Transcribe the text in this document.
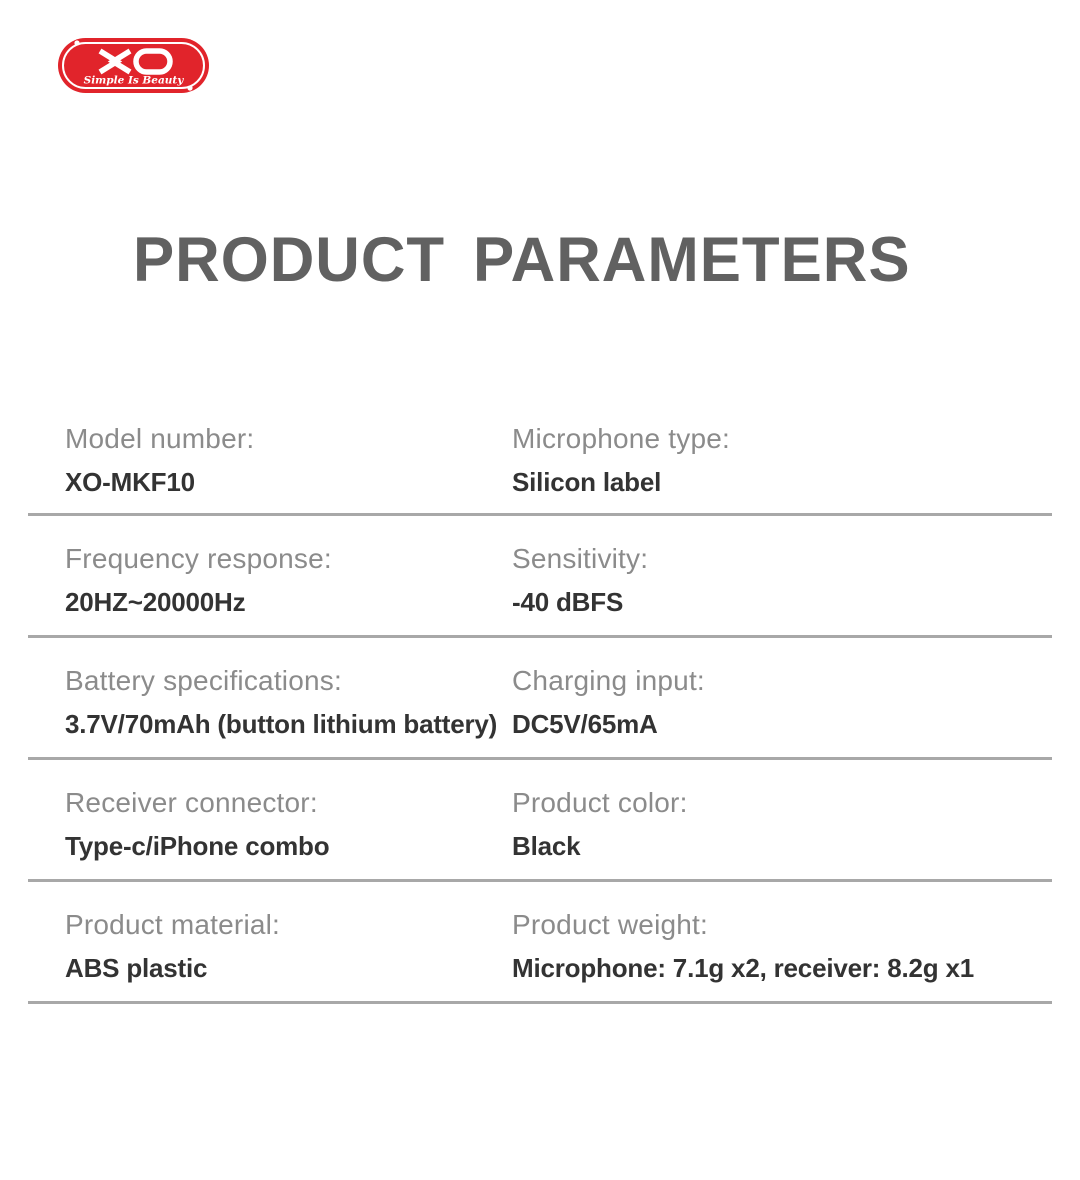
Simple Is Beauty
PRODUCT PARAMETERS
Model number:
XO-MKF10
Microphone type:
Silicon label
Frequency response:
20HZ~20000Hz
Sensitivity:
-40 dBFS
Battery specifications:
3.7V/70mAh (button lithium battery)
Charging input:
DC5V/65mA
Receiver connector:
Type-c/iPhone combo
Product color:
Black
Product material:
ABS plastic
Product weight:
Microphone: 7.1g x2, receiver: 8.2g x1
